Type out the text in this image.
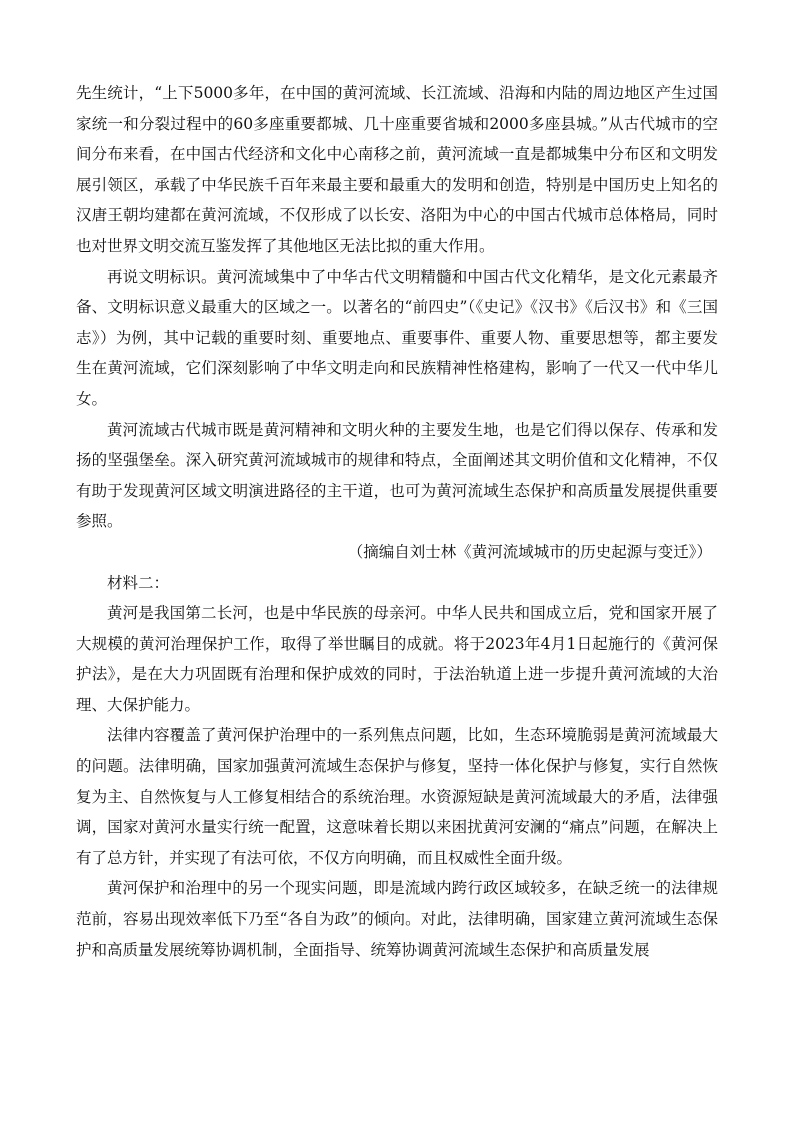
先生统计，“上下5000多年，在中国的黄河流域、长江流域、沿海和内陆的周边地区产生过国家统一和分裂过程中的60多座重要都城、几十座重要省城和2000多座县城。”从古代城市的空间分布来看，在中国古代经济和文化中心南移之前，黄河流域一直是都城集中分布区和文明发展引领区，承载了中华民族千百年来最主要和最重大的发明和创造，特别是中国历史上知名的汉唐王朝均建都在黄河流域，不仅形成了以长安、洛阳为中心的中国古代城市总体格局，同时也对世界文明交流互鉴发挥了其他地区无法比拟的重大作用。

再说文明标识。黄河流域集中了中华古代文明精髓和中国古代文化精华，是文化元素最齐备、文明标识意义最重大的区域之一。以著名的“前四史”（《史记》《汉书》《后汉书》和《三国志》）为例，其中记载的重要时刻、重要地点、重要事件、重要人物、重要思想等，都主要发生在黄河流域，它们深刻影响了中华文明走向和民族精神性格建构，影响了一代又一代中华儿女。

黄河流域古代城市既是黄河精神和文明火种的主要发生地，也是它们得以保存、传承和发扬的坚强堡垒。深入研究黄河流域城市的规律和特点，全面阐述其文明价值和文化精神，不仅有助于发现黄河区域文明演进路径的主干道，也可为黄河流域生态保护和高质量发展提供重要参照。

（摘编自刘士林《黄河流域城市的历史起源与变迁》）

材料二：

黄河是我国第二长河，也是中华民族的母亲河。中华人民共和国成立后，党和国家开展了大规模的黄河治理保护工作，取得了举世瞩目的成就。将于2023年4月1日起施行的《黄河保护法》，是在大力巩固既有治理和保护成效的同时，于法治轨道上进一步提升黄河流域的大治理、大保护能力。

法律内容覆盖了黄河保护治理中的一系列焦点问题，比如，生态环境脆弱是黄河流域最大的问题。法律明确，国家加强黄河流域生态保护与修复，坚持一体化保护与修复，实行自然恢复为主、自然恢复与人工修复相结合的系统治理。水资源短缺是黄河流域最大的矛盾，法律强调，国家对黄河水量实行统一配置，这意味着长期以来困扰黄河安澜的“痛点”问题，在解决上有了总方针，并实现了有法可依，不仅方向明确，而且权威性全面升级。

黄河保护和治理中的另一个现实问题，即是流域内跨行政区域较多，在缺乏统一的法律规范前，容易出现效率低下乃至“各自为政”的倾向。对此，法律明确，国家建立黄河流域生态保护和高质量发展统筹协调机制，全面指导、统筹协调黄河流域生态保护和高质量发展
